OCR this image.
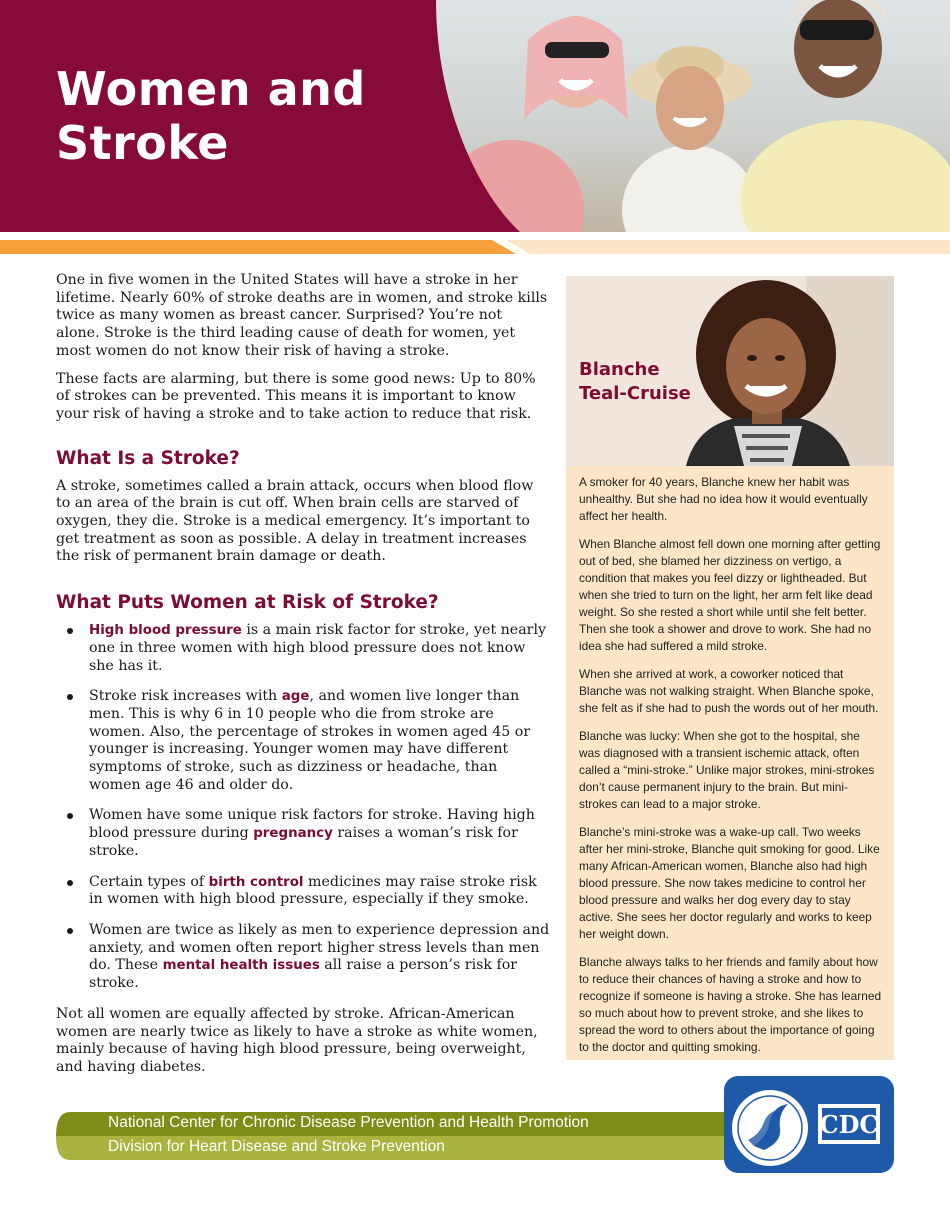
Women and
Stroke

One in five women in the United States will have a stroke in her lifetime. Nearly 60% of stroke deaths are in women, and stroke kills twice as many women as breast cancer. Surprised? You’re not alone. Stroke is the third leading cause of death for women, yet most women do not know their risk of having a stroke.

These facts are alarming, but there is some good news: Up to 80% of strokes can be prevented. This means it is important to know your risk of having a stroke and to take action to reduce that risk.

What Is a Stroke?

A stroke, sometimes called a brain attack, occurs when blood flow to an area of the brain is cut off. When brain cells are starved of oxygen, they die. Stroke is a medical emergency. It’s important to get treatment as soon as possible. A delay in treatment increases the risk of permanent brain damage or death.

What Puts Women at Risk of Stroke?
High blood pressure is a main risk factor for stroke, yet nearly one in three women with high blood pressure does not know she has it.
Stroke risk increases with age, and women live longer than men. This is why 6 in 10 people who die from stroke are women. Also, the percentage of strokes in women aged 45 or younger is increasing. Younger women may have different symptoms of stroke, such as dizziness or headache, than women age 46 and older do.
Women have some unique risk factors for stroke. Having high blood pressure during pregnancy raises a woman’s risk for stroke.
Certain types of birth control medicines may raise stroke risk in women with high blood pressure, especially if they smoke.
Women are twice as likely as men to experience depression and anxiety, and women often report higher stress levels than men do. These mental health issues all raise a person’s risk for stroke.

Not all women are equally affected by stroke. African-American women are nearly twice as likely to have a stroke as white women, mainly because of having high blood pressure, being overweight, and having diabetes.

Blanche
Teal-Cruise

A smoker for 40 years, Blanche knew her habit was unhealthy. But she had no idea how it would eventually affect her health.

When Blanche almost fell down one morning after getting out of bed, she blamed her dizziness on vertigo, a condition that makes you feel dizzy or lightheaded. But when she tried to turn on the light, her arm felt like dead weight. So she rested a short while until she felt better. Then she took a shower and drove to work. She had no idea she had suffered a mild stroke.

When she arrived at work, a coworker noticed that Blanche was not walking straight. When Blanche spoke, she felt as if she had to push the words out of her mouth.

Blanche was lucky: When she got to the hospital, she was diagnosed with a transient ischemic attack, often called a “mini-stroke.” Unlike major strokes, mini-strokes don’t cause permanent injury to the brain. But mini-strokes can lead to a major stroke.

Blanche’s mini-stroke was a wake-up call. Two weeks after her mini-stroke, Blanche quit smoking for good. Like many African-American women, Blanche also had high blood pressure. She now takes medicine to control her blood pressure and walks her dog every day to stay active. She sees her doctor regularly and works to keep her weight down.

Blanche always talks to her friends and family about how to reduce their chances of having a stroke and how to recognize if someone is having a stroke. She has learned so much about how to prevent stroke, and she likes to spread the word to others about the importance of going to the doctor and quitting smoking.

National Center for Chronic Disease Prevention and Health Promotion

Division for Heart Disease and Stroke Prevention

CDC
